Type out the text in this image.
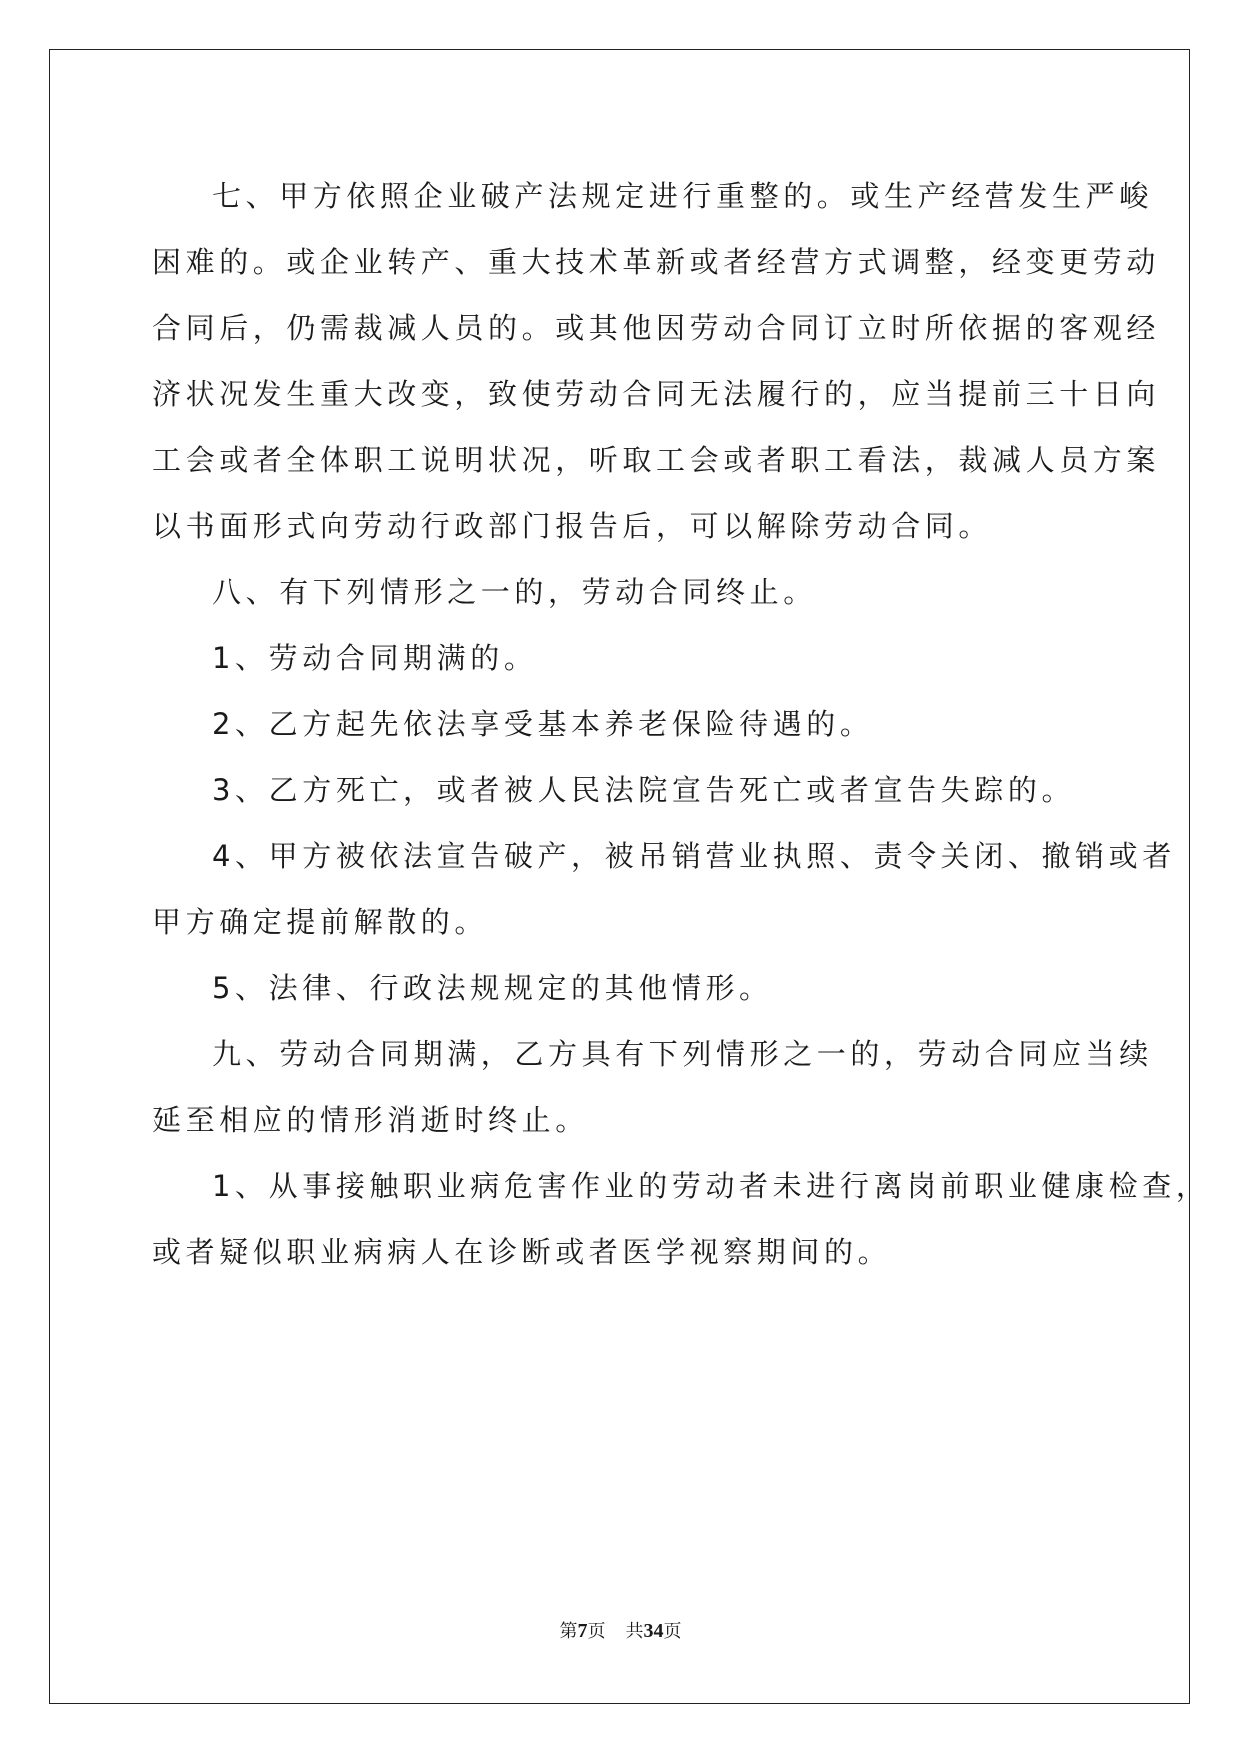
七、甲方依照企业破产法规定进行重整的。或生产经营发生严峻
困难的。或企业转产、重大技术革新或者经营方式调整，经变更劳动
合同后，仍需裁减人员的。或其他因劳动合同订立时所依据的客观经
济状况发生重大改变，致使劳动合同无法履行的，应当提前三十日向
工会或者全体职工说明状况，听取工会或者职工看法，裁减人员方案
以书面形式向劳动行政部门报告后，可以解除劳动合同。
八、有下列情形之一的，劳动合同终止。
1、劳动合同期满的。
2、乙方起先依法享受基本养老保险待遇的。
3、乙方死亡，或者被人民法院宣告死亡或者宣告失踪的。
4、甲方被依法宣告破产，被吊销营业执照、责令关闭、撤销或者
甲方确定提前解散的。
5、法律、行政法规规定的其他情形。
九、劳动合同期满，乙方具有下列情形之一的，劳动合同应当续
延至相应的情形消逝时终止。
1、从事接触职业病危害作业的劳动者未进行离岗前职业健康检查，
或者疑似职业病病人在诊断或者医学视察期间的。
第7页 共34页
